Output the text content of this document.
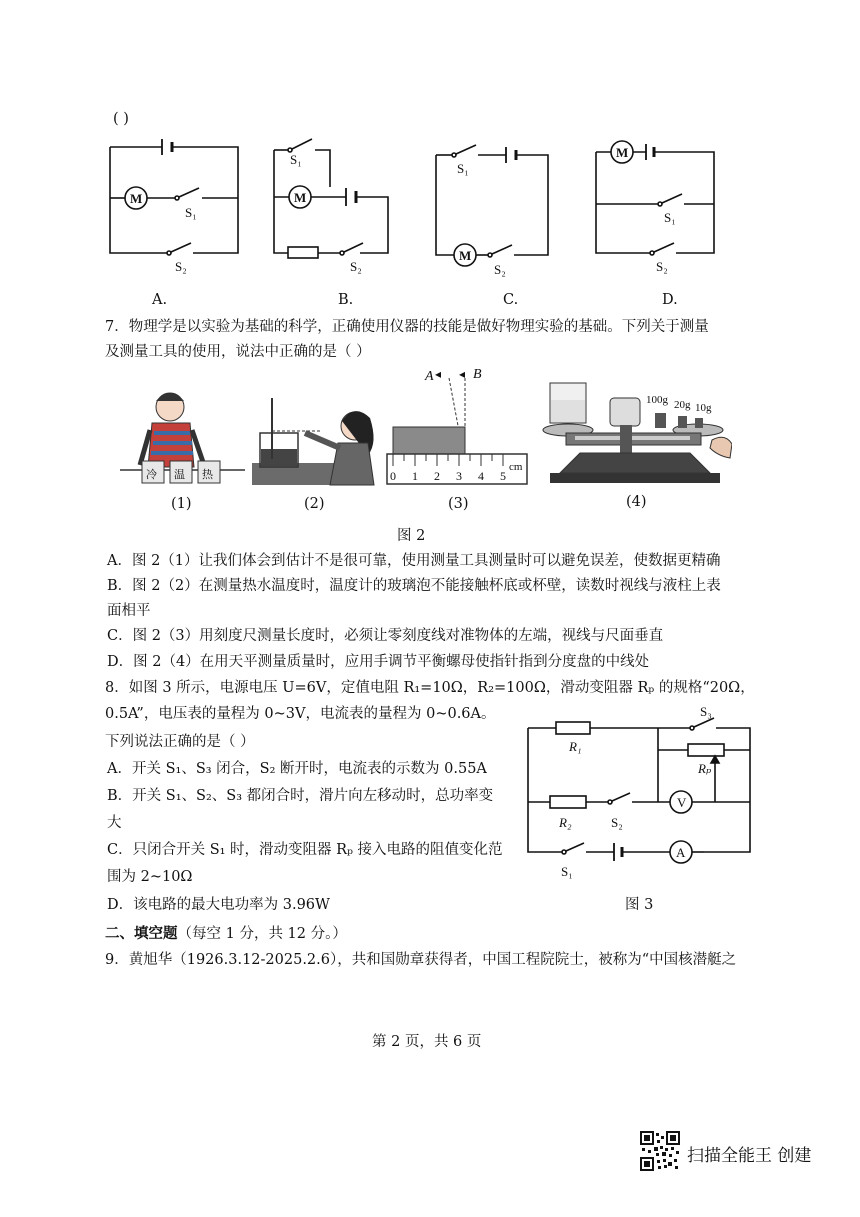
( )
M
S₁
S₂
S₁
M
S₂
S₁
M
S₂
M
S₁
S₂
A.	B.	C.	D.
7．物理学是以实验为基础的科学，正确使用仪器的技能是做好物理实验的基础。下列关于测量
及测量工具的使用，说法中正确的是（ ）
冷 温 热
A ◂ ◂ B
0 1 2 3 4 5
cm
100g 20g 10g
(1)	(2)	(3)	(4)
图 2
A．图 2（1）让我们体会到估计不是很可靠，使用测量工具测量时可以避免误差，使数据更精确
B．图 2（2）在测量热水温度时，温度计的玻璃泡不能接触杯底或杯壁，读数时视线与液柱上表
面相平
C．图 2（3）用刻度尺测量长度时，必须让零刻度线对准物体的左端，视线与尺面垂直
D．图 2（4）在用天平测量质量时，应用手调节平衡螺母使指针指到分度盘的中线处
8．如图 3 所示，电源电压 U=6V，定值电阻 R₁=10Ω，R₂=100Ω，滑动变阻器 Rₚ 的规格“20Ω，
0.5A”，电压表的量程为 0~3V，电流表的量程为 0~0.6A。
下列说法正确的是（ ）
A．开关 S₁、S₃ 闭合，S₂ 断开时，电流表的示数为 0.55A
B．开关 S₁、S₂、S₃ 都闭合时，滑片向左移动时，总功率变
大
C．只闭合开关 S₁ 时，滑动变阻器 Rₚ 接入电路的阻值变化范
围为 2~10Ω
D．该电路的最大电功率为 3.96W
R₁
Rₚ
S₃
R₂	S₂
V
A
S₁
图 3
二、填空题（每空 1 分，共 12 分。）
9．黄旭华（1926.3.12-2025.2.6），共和国勋章获得者，中国工程院院士，被称为“中国核潜艇之
第 2 页，共 6 页
扫描全能王 创建
